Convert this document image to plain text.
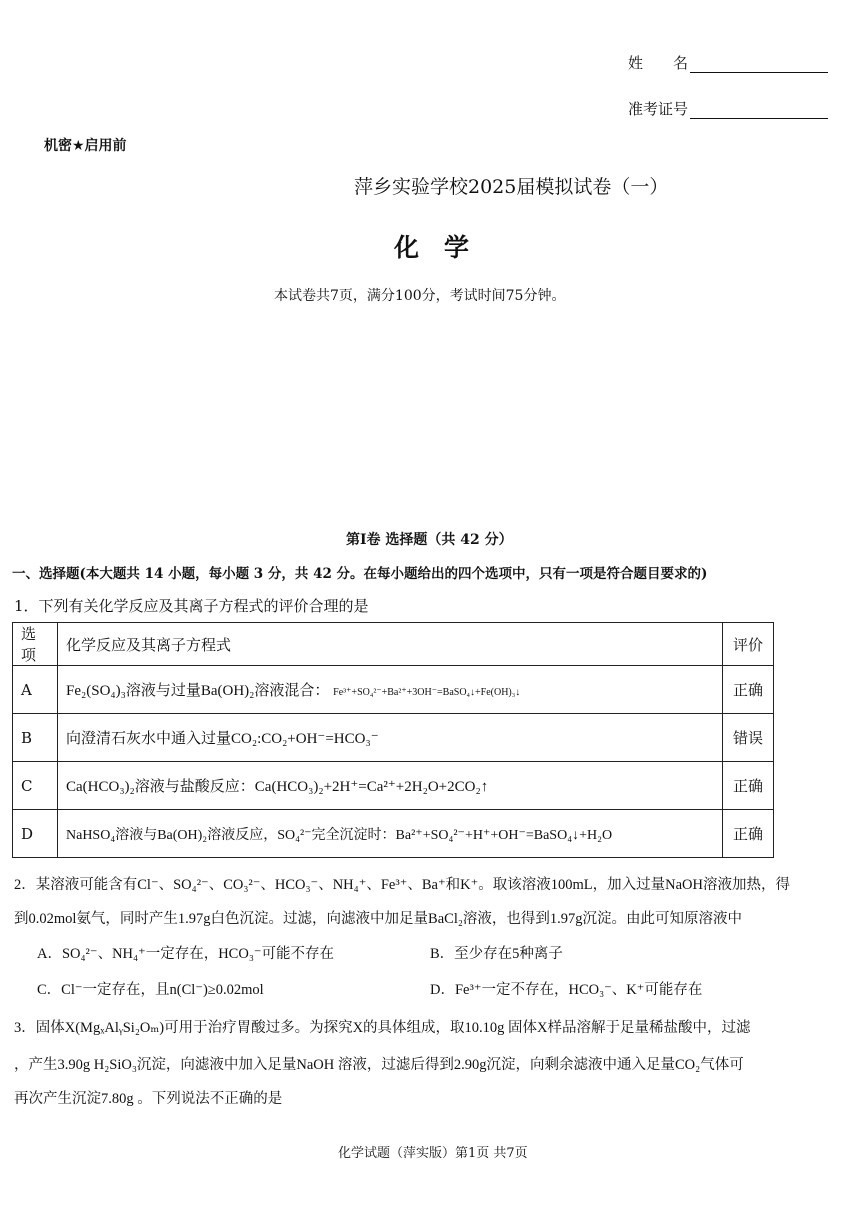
姓　　名
准考证号
机密★启用前
萍乡实验学校2025届模拟试卷（一）
化　学
本试卷共7页，满分100分，考试时间75分钟。
第Ⅰ卷 选择题（共 42 分）
一、选择题(本大题共 14 小题，每小题 3 分，共 42 分。在每小题给出的四个选项中，只有一项是符合题目要求的)
1．下列有关化学反应及其离子方程式的评价合理的是
选项	化学反应及其离子方程式	评价
A	Fe₂(SO₄)₃溶液与过量Ba(OH)₂溶液混合： Fe³⁺+SO₄²⁻+Ba²⁺+3OH⁻=BaSO₄↓+Fe(OH)₃↓	正确
B	向澄清石灰水中通入过量CO₂:CO₂+OH⁻=HCO₃⁻	错误
C	Ca(HCO₃)₂溶液与盐酸反应：Ca(HCO₃)₂+2H⁺=Ca²⁺+2H₂O+2CO₂↑	正确
D	NaHSO₄溶液与Ba(OH)₂溶液反应，SO₄²⁻完全沉淀时：Ba²⁺+SO₄²⁻+H⁺+OH⁻=BaSO₄↓+H₂O	正确
2．某溶液可能含有Cl⁻、SO₄²⁻、CO₃²⁻、HCO₃⁻、NH₄⁺、Fe³⁺、Ba⁺和K⁺。取该溶液100mL，加入过量NaOH溶液加热，得
到0.02mol氨气，同时产生1.97g白色沉淀。过滤，向滤液中加足量BaCl₂溶液，也得到1.97g沉淀。由此可知原溶液中
A．SO₄²⁻、NH₄⁺一定存在，HCO₃⁻可能不存在	B．至少存在5种离子
C．Cl⁻一定存在，且n(Cl⁻)≥0.02mol	D．Fe³⁺一定不存在，HCO₃⁻、K⁺可能存在
3．固体X(MgₓAlᵧSi₂Oₘ)可用于治疗胃酸过多。为探究X的具体组成，取10.10g 固体X样品溶解于足量稀盐酸中，过滤
，产生3.90g H₂SiO₃沉淀，向滤液中加入足量NaOH 溶液，过滤后得到2.90g沉淀，向剩余滤液中通入足量CO₂气体可
再次产生沉淀7.80g 。下列说法不正确的是
化学试题（萍实版）第1页 共7页
